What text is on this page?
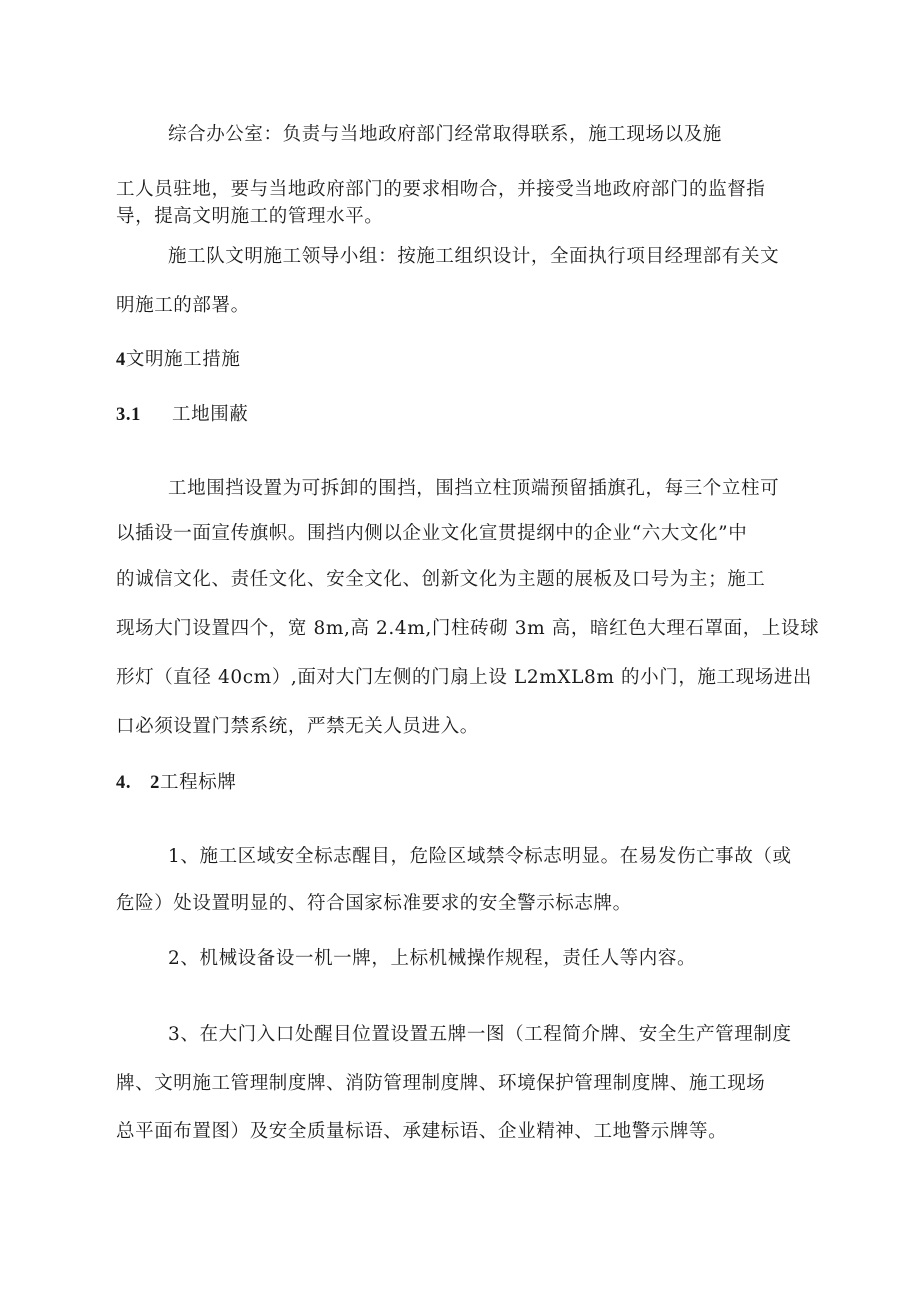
综合办公室：负责与当地政府部门经常取得联系，施工现场以及施
工人员驻地，要与当地政府部门的要求相吻合，并接受当地政府部门的监督指
导，提高文明施工的管理水平。
施工队文明施工领导小组：按施工组织设计，全面执行项目经理部有关文
明施工的部署。
4文明施工措施
3.1 工地围蔽
工地围挡设置为可拆卸的围挡，围挡立柱顶端预留插旗孔，每三个立柱可
以插设一面宣传旗帜。围挡内侧以企业文化宣贯提纲中的企业“六大文化”中
的诚信文化、责任文化、安全文化、创新文化为主题的展板及口号为主；施工
现场大门设置四个，宽 8m,高 2.4m,门柱砖砌 3m 高，暗红色大理石罩面，上设球
形灯（直径 40cm）,面对大门左侧的门扇上设 L2mXL8m 的小门，施工现场进出
口必须设置门禁系统，严禁无关人员进入。
4.　2工程标牌
1、施工区域安全标志醒目，危险区域禁令标志明显。在易发伤亡事故（或
危险）处设置明显的、符合国家标准要求的安全警示标志牌。
2、机械设备设一机一牌，上标机械操作规程，责任人等内容。
3、在大门入口处醒目位置设置五牌一图（工程简介牌、安全生产管理制度
牌、文明施工管理制度牌、消防管理制度牌、环境保护管理制度牌、施工现场
总平面布置图）及安全质量标语、承建标语、企业精神、工地警示牌等。
